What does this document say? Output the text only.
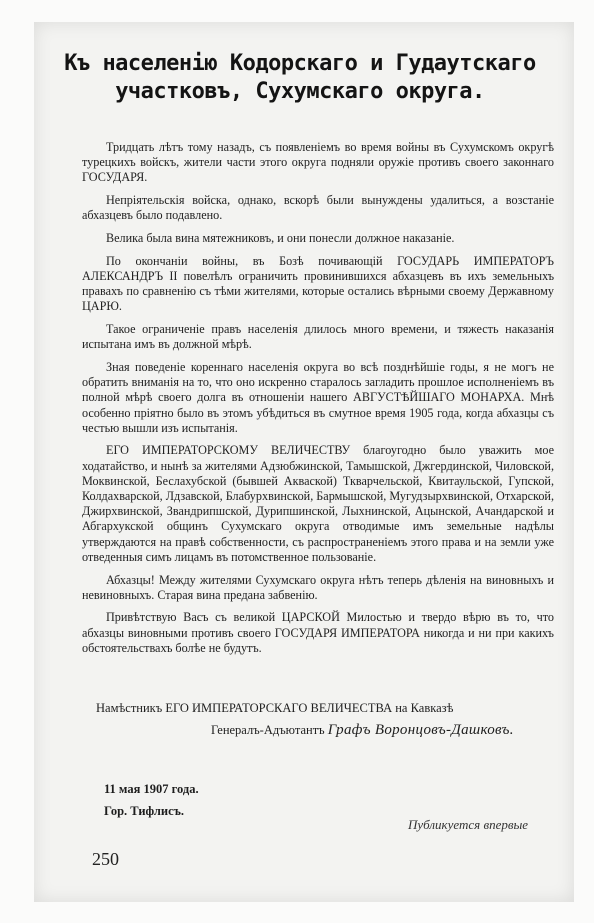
Къ населенію Кодорскаго и Гудаутскаго
участковъ, Сухумскаго округа.

Тридцать лѣтъ тому назадъ, съ появленіемъ во время войны въ Сухумскомъ округѣ турецкихъ войскъ, жители части этого округа подняли оружіе противъ своего законнаго ГОСУДАРЯ.

Непріятельскія войска, однако, вскорѣ были вынуждены удалиться, а возстаніе абхазцевъ было подавлено.

Велика была вина мятежниковъ, и они понесли должное наказаніе.

По окончаніи войны, въ Бозѣ почивающій ГОСУДАРЬ ИМПЕРАТОРЪ АЛЕКСАНДРЪ II повелѣлъ ограничить провинившихся абхазцевъ въ ихъ земельныхъ правахъ по сравненію съ тѣми жителями, которые остались вѣрными своему Державному ЦАРЮ.

Такое ограниченіе правъ населенія длилось много времени, и тяжесть наказанія испытана имъ въ должной мѣрѣ.

Зная поведеніе кореннаго населенія округа во всѣ позднѣйшіе годы, я не могъ не обратить вниманія на то, что оно искренно старалось загладить прошлое исполненіемъ въ полной мѣрѣ своего долга въ отношеніи нашего АВГУСТѢЙШАГО МОНАРХА. Мнѣ особенно пріятно было въ этомъ убѣдиться въ смутное время 1905 года, когда абхазцы съ честью вышли изъ испытанія.

ЕГО ИМПЕРАТОРСКОМУ ВЕЛИЧЕСТВУ благоугодно было уважить мое ходатайство, и нынѣ за жителями Адзюбжинской, Тамышской, Джгердинской, Чиловской, Моквинской, Беслахубской (бывшей Акваской) Ткварчельской, Квитаульской, Гупской, Колдахварской, Лдзавской, Блабурхвинской, Бармышской, Мугудзырхвинской, Отхарской, Джирхвинской, Звандрипшской, Дурипшинской, Лыхнинской, Ацынской, Ачандарской и Абгархукской общинъ Сухумскаго округа отводимые имъ земельные надѣлы утверждаются на правѣ собственности, съ распространеніемъ этого права и на земли уже отведенныя симъ лицамъ въ потомственное пользованіе.

Абхазцы! Между жителями Сухумскаго округа нѣтъ теперь дѣленія на виновныхъ и невиновныхъ. Старая вина предана забвенію.

Привѣтствую Васъ съ великой ЦАРСКОЙ Милостью и твердо вѣрю въ то, что абхазцы виновными противъ своего ГОСУДАРЯ ИМПЕРАТОРА никогда и ни при какихъ обстоятельствахъ болѣе не будутъ.

Намѣстникъ ЕГО ИМПЕРАТОРСКАГО ВЕЛИЧЕСТВА на Кавказѣ
Генералъ-Адъютантъ Графъ Воронцовъ-Дашковъ.
11 мая 1907 года.
Гор. Тифлисъ.
Публикуется впервые
250
